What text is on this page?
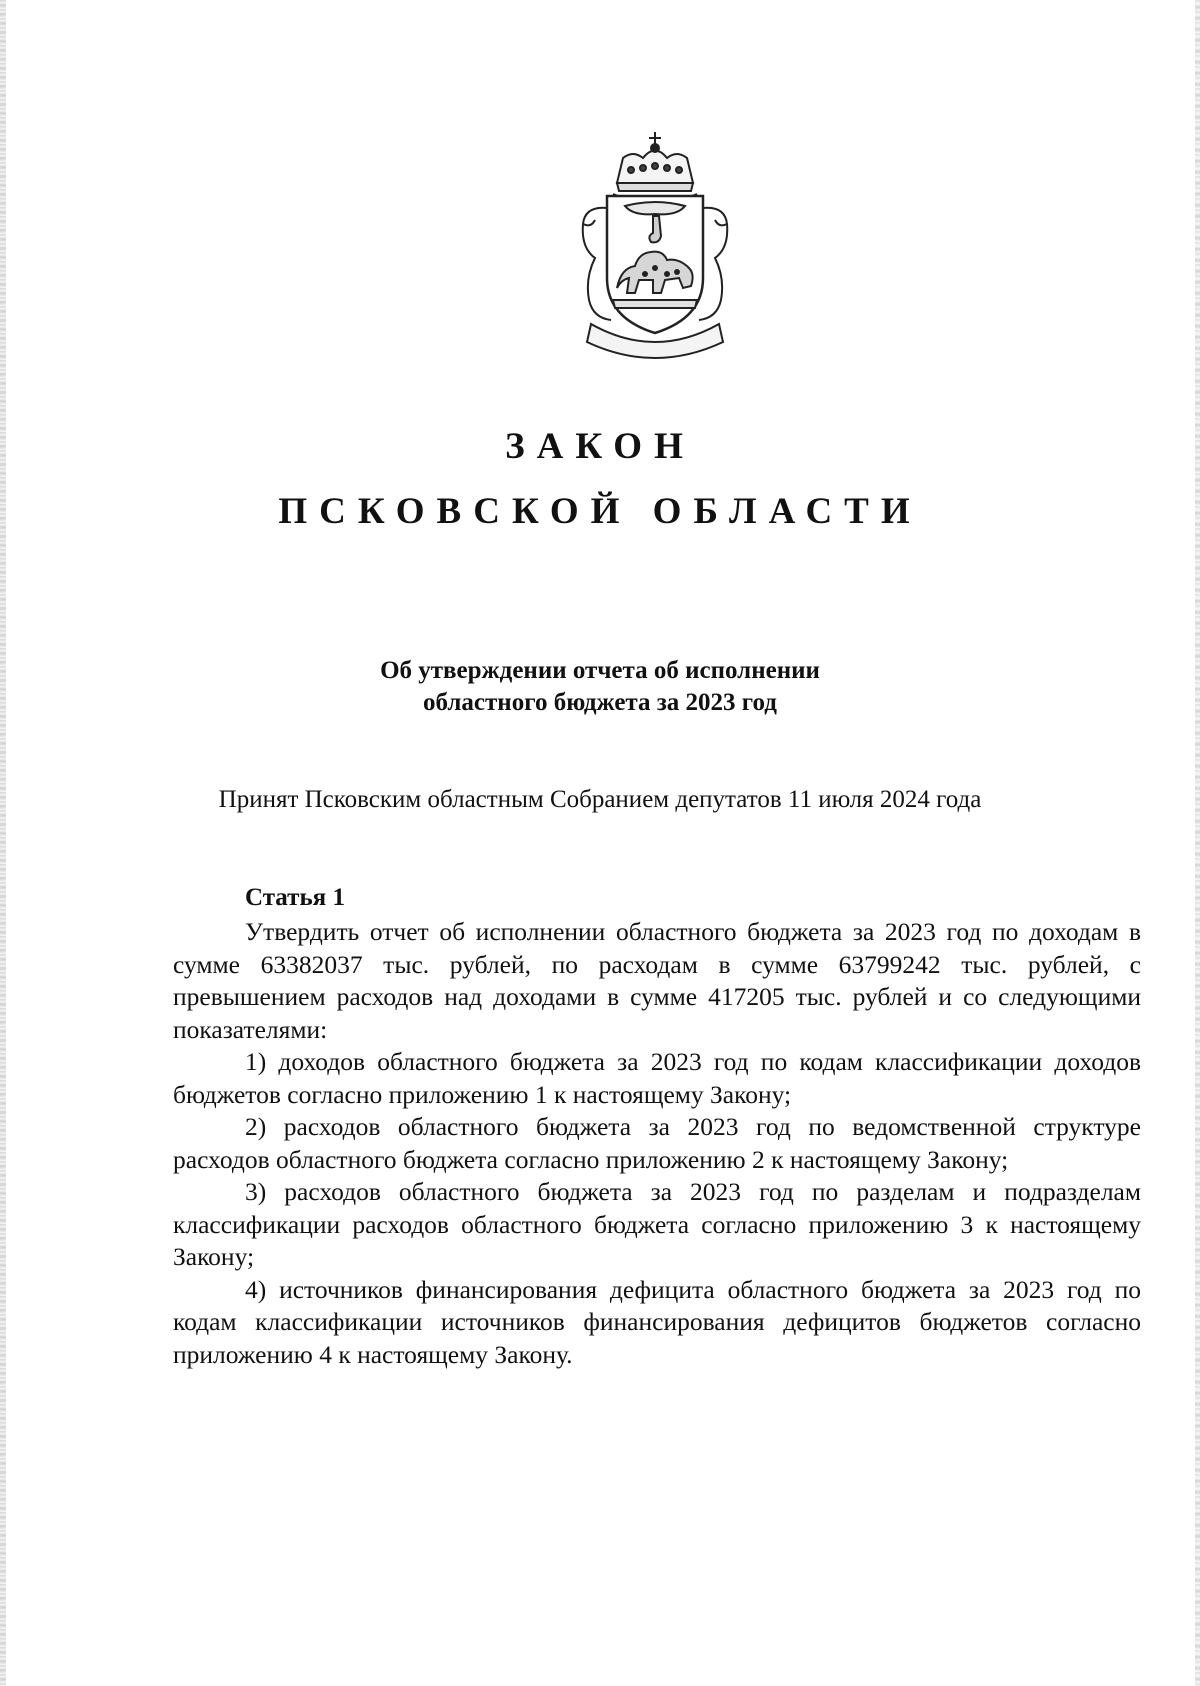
ЗАКОН
ПСКОВСКОЙ ОБЛАСТИ
Об утверждении отчета об исполнении
областного бюджета за 2023 год
Принят Псковским областным Собранием депутатов 11 июля 2024 года
Статья 1

Утвердить отчет об исполнении областного бюджета за 2023 год по доходам в сумме 63382037 тыс. рублей, по расходам в сумме 63799242 тыс. рублей, с превышением расходов над доходами в сумме 417205 тыс. рублей и со следующими показателями:

1) доходов областного бюджета за 2023 год по кодам классификации доходов бюджетов согласно приложению 1 к настоящему Закону;

2) расходов областного бюджета за 2023 год по ведомственной структуре расходов областного бюджета согласно приложению 2 к настоящему Закону;

3) расходов областного бюджета за 2023 год по разделам и подразделам классификации расходов областного бюджета согласно приложению 3 к настоящему Закону;

4) источников финансирования дефицита областного бюджета за 2023 год по кодам классификации источников финансирования дефицитов бюджетов согласно приложению 4 к настоящему Закону.
